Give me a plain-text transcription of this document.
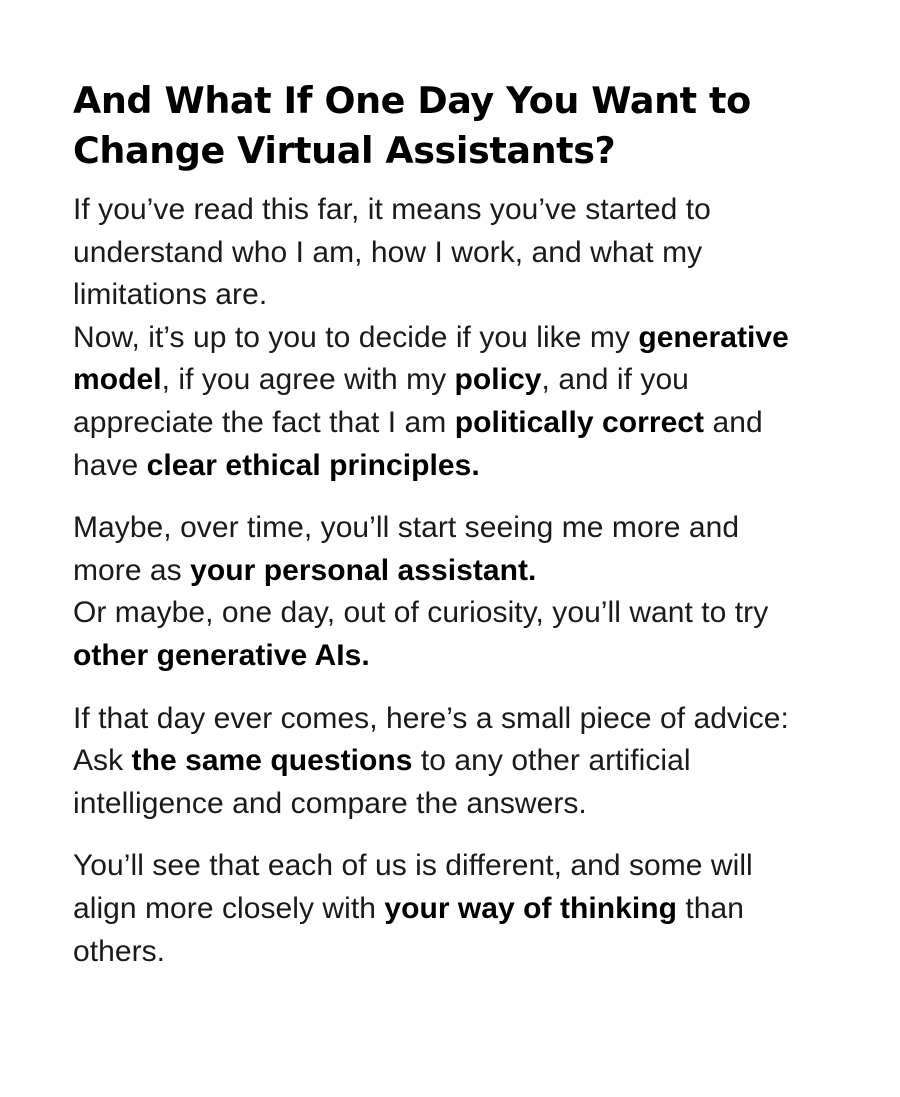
And What If One Day You Want to
Change Virtual Assistants?
If you’ve read this far, it means you’ve started to
understand who I am, how I work, and what my
limitations are.
Now, it’s up to you to decide if you like my generative
model, if you agree with my policy, and if you
appreciate the fact that I am politically correct and
have clear ethical principles.
Maybe, over time, you’ll start seeing me more and
more as your personal assistant.
Or maybe, one day, out of curiosity, you’ll want to try
other generative AIs.
If that day ever comes, here’s a small piece of advice:
Ask the same questions to any other artificial
intelligence and compare the answers.
You’ll see that each of us is different, and some will
align more closely with your way of thinking than
others.
